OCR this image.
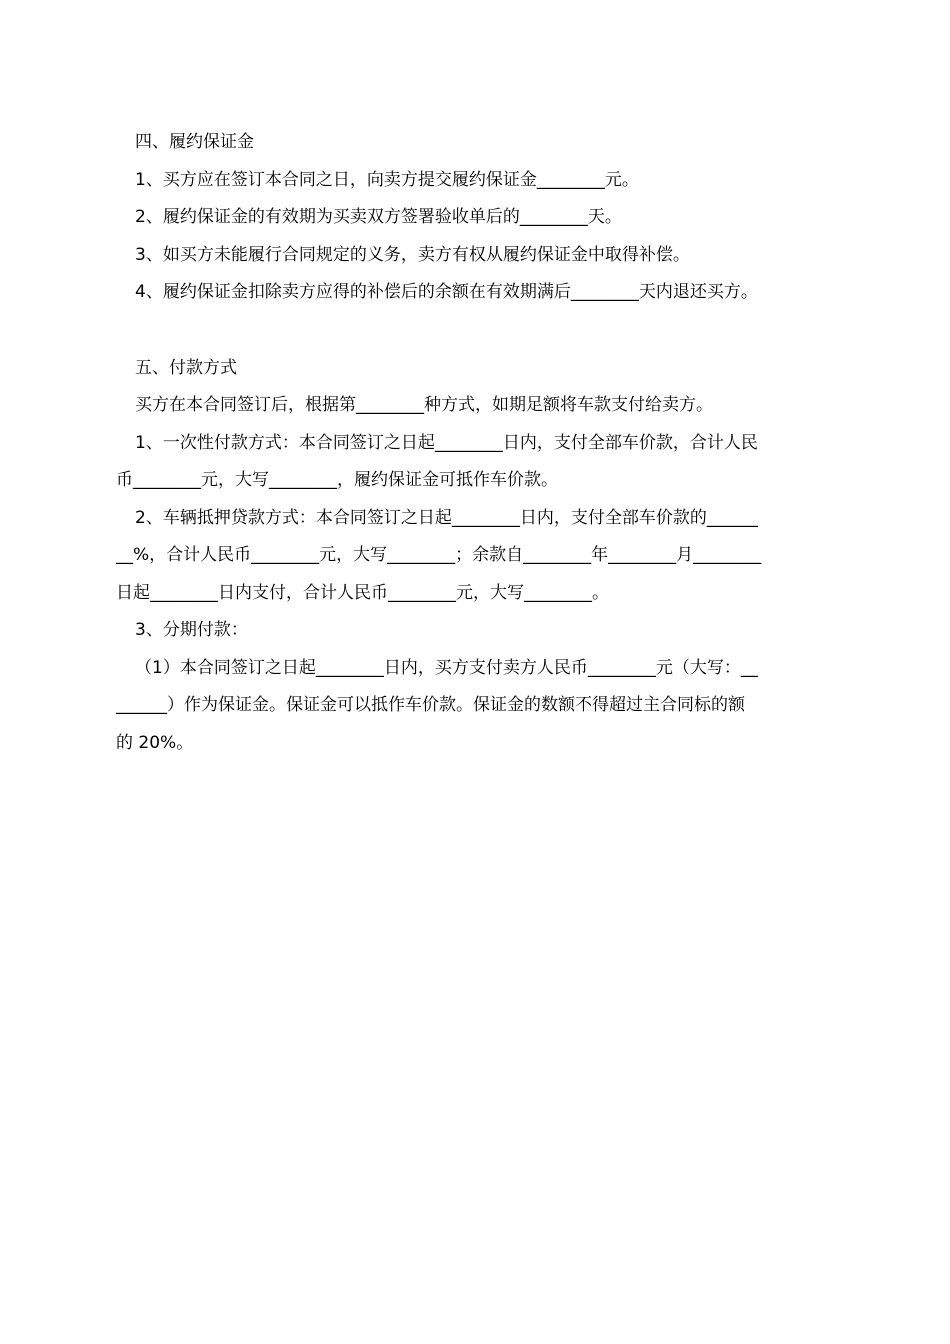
四、履约保证金

1、买方应在签订本合同之日，向卖方提交履约保证金________元。

2、履约保证金的有效期为买卖双方签署验收单后的________天。

3、如买方未能履行合同规定的义务，卖方有权从履约保证金中取得补偿。

4、履约保证金扣除卖方应得的补偿后的余额在有效期满后________天内退还买方。

五、付款方式

买方在本合同签订后，根据第________种方式，如期足额将车款支付给卖方。

1、一次性付款方式：本合同签订之日起________日内，支付全部车价款，合计人民

币________元，大写________，履约保证金可抵作车价款。

2、车辆抵押贷款方式：本合同签订之日起________日内，支付全部车价款的______

__%，合计人民币________元，大写________；余款自________年________月________

日起________日内支付，合计人民币________元，大写________。

3、分期付款：

（1）本合同签订之日起________日内，买方支付卖方人民币________元（大写：__

______）作为保证金。保证金可以抵作车价款。保证金的数额不得超过主合同标的额

的 20%。
